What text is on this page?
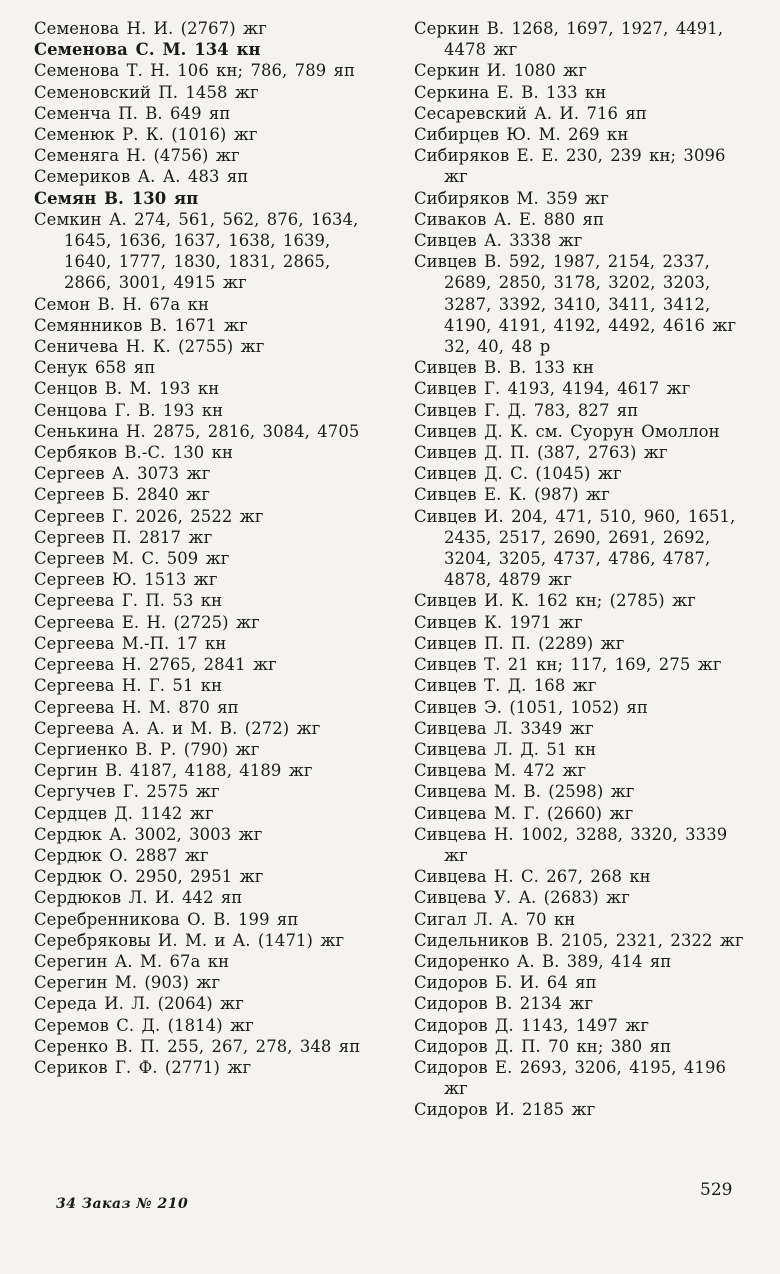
Семенова Н. И. (2767) жг
Семенова С. М. 134 кн
Семенова Т. Н. 106 кн; 786, 789 яп
Семеновский П. 1458 жг
Семенча П. В. 649 яп
Семенюк Р. К. (1016) жг
Семеняга Н. (4756) жг
Семериков А. А. 483 яп
Семян В. 130 яп
Семкин А. 274, 561, 562, 876, 1634, 1645, 1636, 1637, 1638, 1639, 1640, 1777, 1830, 1831, 2865, 2866, 3001, 4915 жг
Семон В. Н. 67а кн
Семянников В. 1671 жг
Сеничева Н. К. (2755) жг
Сенук 658 яп
Сенцов В. М. 193 кн
Сенцова Г. В. 193 кн
Сенькина Н. 2875, 2816, 3084, 4705
Сербяков В.-С. 130 кн
Сергеев А. 3073 жг
Сергеев Б. 2840 жг
Сергеев Г. 2026, 2522 жг
Сергеев П. 2817 жг
Сергеев М. С. 509 жг
Сергеев Ю. 1513 жг
Сергеева Г. П. 53 кн
Сергеева Е. Н. (2725) жг
Сергеева М.-П. 17 кн
Сергеева Н. 2765, 2841 жг
Сергеева Н. Г. 51 кн
Сергеева Н. М. 870 яп
Сергеева А. А. и М. В. (272) жг
Сергиенко В. Р. (790) жг
Сергин В. 4187, 4188, 4189 жг
Сергучев Г. 2575 жг
Сердцев Д. 1142 жг
Сердюк А. 3002, 3003 жг
Сердюк О. 2887 жг
Сердюк О. 2950, 2951 жг
Сердюков Л. И. 442 яп
Серебренникова О. В. 199 яп
Серебряковы И. М. и А. (1471) жг
Серегин А. М. 67а кн
Серегин М. (903) жг
Середа И. Л. (2064) жг
Серемов С. Д. (1814) жг
Серенко В. П. 255, 267, 278, 348 яп
Сериков Г. Ф. (2771) жг
Серкин В. 1268, 1697, 1927, 4491, 4478 жг
Серкин И. 1080 жг
Серкина Е. В. 133 кн
Сесаревский А. И. 716 яп
Сибирцев Ю. М. 269 кн
Сибиряков Е. Е. 230, 239 кн; 3096 жг
Сибиряков М. 359 жг
Сиваков А. Е. 880 яп
Сивцев А. 3338 жг
Сивцев В. 592, 1987, 2154, 2337, 2689, 2850, 3178, 3202, 3203, 3287, 3392, 3410, 3411, 3412, 4190, 4191, 4192, 4492, 4616 жг 32, 40, 48 р
Сивцев В. В. 133 кн
Сивцев Г. 4193, 4194, 4617 жг
Сивцев Г. Д. 783, 827 яп
Сивцев Д. К. см. Суорун Омоллон
Сивцев Д. П. (387, 2763) жг
Сивцев Д. С. (1045) жг
Сивцев Е. К. (987) жг
Сивцев И. 204, 471, 510, 960, 1651, 2435, 2517, 2690, 2691, 2692, 3204, 3205, 4737, 4786, 4787, 4878, 4879 жг
Сивцев И. К. 162 кн; (2785) жг
Сивцев К. 1971 жг
Сивцев П. П. (2289) жг
Сивцев Т. 21 кн; 117, 169, 275 жг
Сивцев Т. Д. 168 жг
Сивцев Э. (1051, 1052) яп
Сивцева Л. 3349 жг
Сивцева Л. Д. 51 кн
Сивцева М. 472 жг
Сивцева М. В. (2598) жг
Сивцева М. Г. (2660) жг
Сивцева Н. 1002, 3288, 3320, 3339 жг
Сивцева Н. С. 267, 268 кн
Сивцева У. А. (2683) жг
Сигал Л. А. 70 кн
Сидельников В. 2105, 2321, 2322 жг
Сидоренко А. В. 389, 414 яп
Сидоров Б. И. 64 яп
Сидоров В. 2134 жг
Сидоров Д. 1143, 1497 жг
Сидоров Д. П. 70 кн; 380 яп
Сидоров Е. 2693, 3206, 4195, 4196 жг
Сидоров И. 2185 жг
34 Заказ № 210
529
